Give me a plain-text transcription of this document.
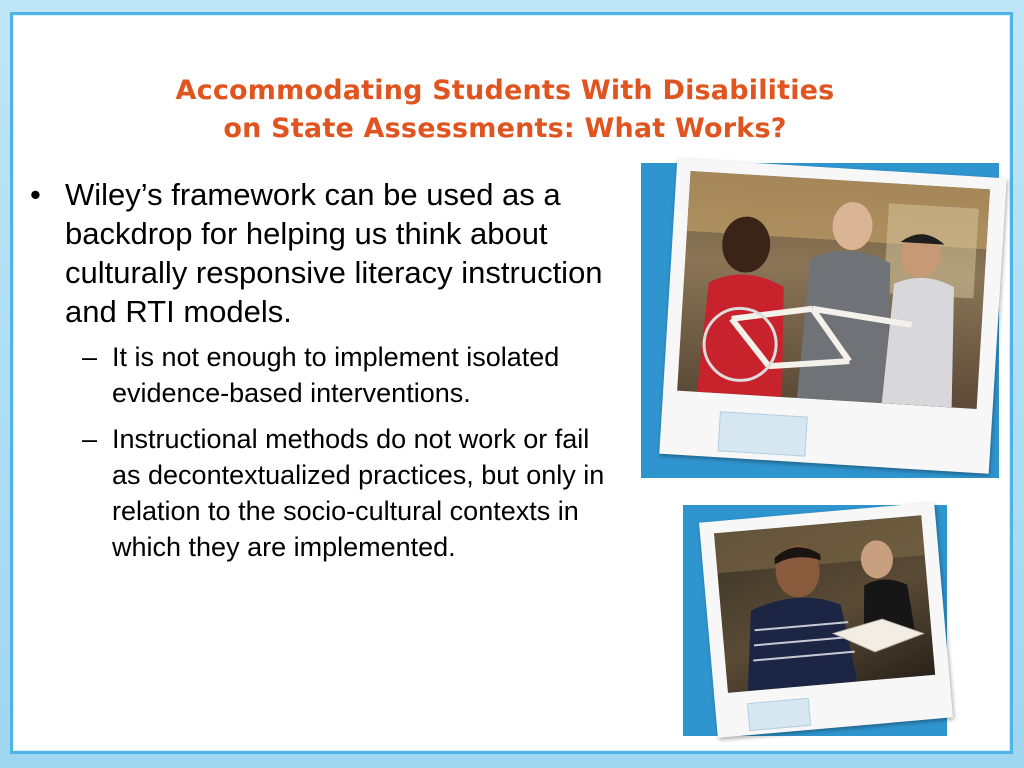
Accommodating Students With Disabilities
on State Assessments: What Works?
• Wiley’s framework can be used as a backdrop for helping us think about culturally responsive literacy instruction and RTI models.
– It is not enough to implement isolated evidence-based interventions.
– Instructional methods do not work or fail as decontextualized practices, but only in relation to the socio-cultural contexts in which they are implemented.
